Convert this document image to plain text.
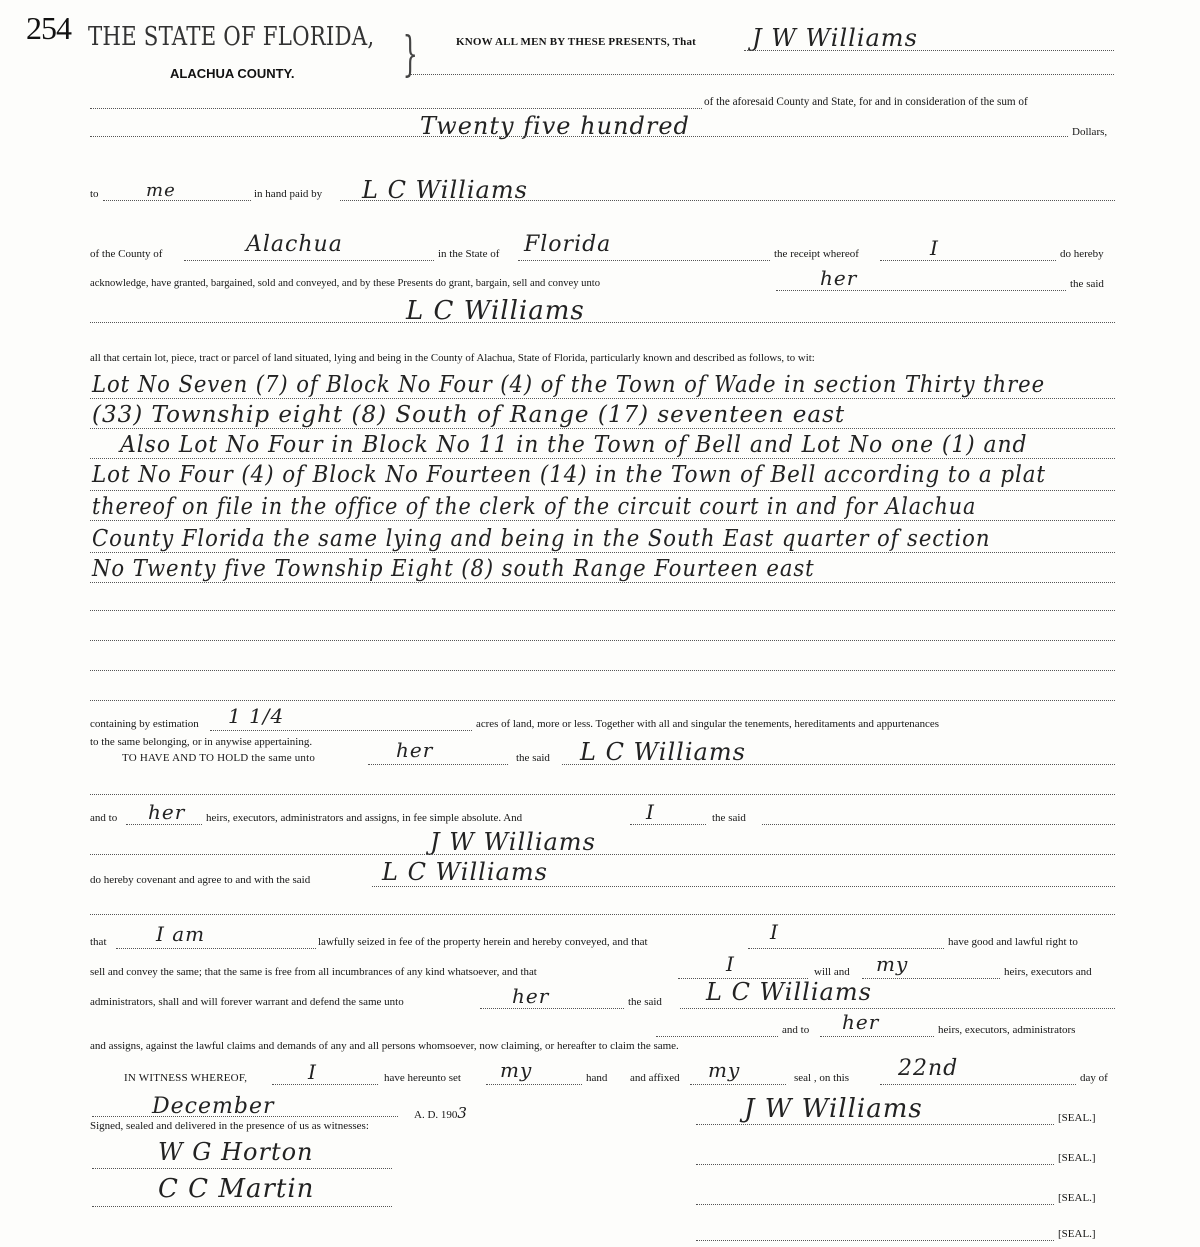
254 THE STATE OF FLORIDA, }
ALACHUA COUNTY.
KNOW ALL MEN BY THESE PRESENTS, That J W Williams
of the aforesaid County and State, for and in consideration of the sum of
Twenty five hundred	Dollars,
to	me	in hand paid by L C Williams
of the County of	Alachua	in the State of Florida	the receipt whereof	I	do hereby
acknowledge, have granted, bargained, sold and conveyed, and by these Presents do grant, bargain, sell and convey unto	her	the said
L C Williams
all that certain lot, piece, tract or parcel of land situated, lying and being in the County of Alachua, State of Florida, particularly known and described as follows, to wit:
Lot No Seven (7) of Block No Four (4) of the Town of Wade in section Thirty three
(33) Township eight (8) South of Range (17) seventeen east
Also Lot No Four in Block No 11 in the Town of Bell and Lot No one (1) and
Lot No Four (4) of Block No Fourteen (14) in the Town of Bell according to a plat
thereof on file in the office of the clerk of the circuit court in and for Alachua
County Florida the same lying and being in the South East quarter of section
No Twenty five Township Eight (8) south Range Fourteen east
containing by estimation 1 1/4	acres of land, more or less. Together with all and singular the tenements, hereditaments and appurtenances
to the same belonging, or in anywise appertaining.
TO HAVE AND TO HOLD the same unto	her	the said L C Williams
and to her heirs, executors, administrators and assigns, in fee simple absolute. And	I	the said
J W Williams
do hereby covenant and agree to and with the said	L C Williams
that I am	lawfully seized in fee of the property herein and hereby conveyed, and that	I	have good and lawful right to
sell and convey the same; that the same is free from all incumbrances of any kind whatsoever, and that	I	will and my	heirs, executors and
administrators, shall and will forever warrant and defend the same unto	her	the said L C Williams
and to her	heirs, executors, administrators
and assigns, against the lawful claims and demands of any and all persons whomsoever, now claiming, or hereafter to claim the same.
IN WITNESS WHEREOF,	I	have hereunto set my	hand and affixed my	seal , on this 22nd	day of
December	A. D. 1903	J W Williams	[SEAL.]
Signed, sealed and delivered in the presence of us as witnesses:
W G Horton	[SEAL.]
C C Martin	[SEAL.]
[SEAL.]
